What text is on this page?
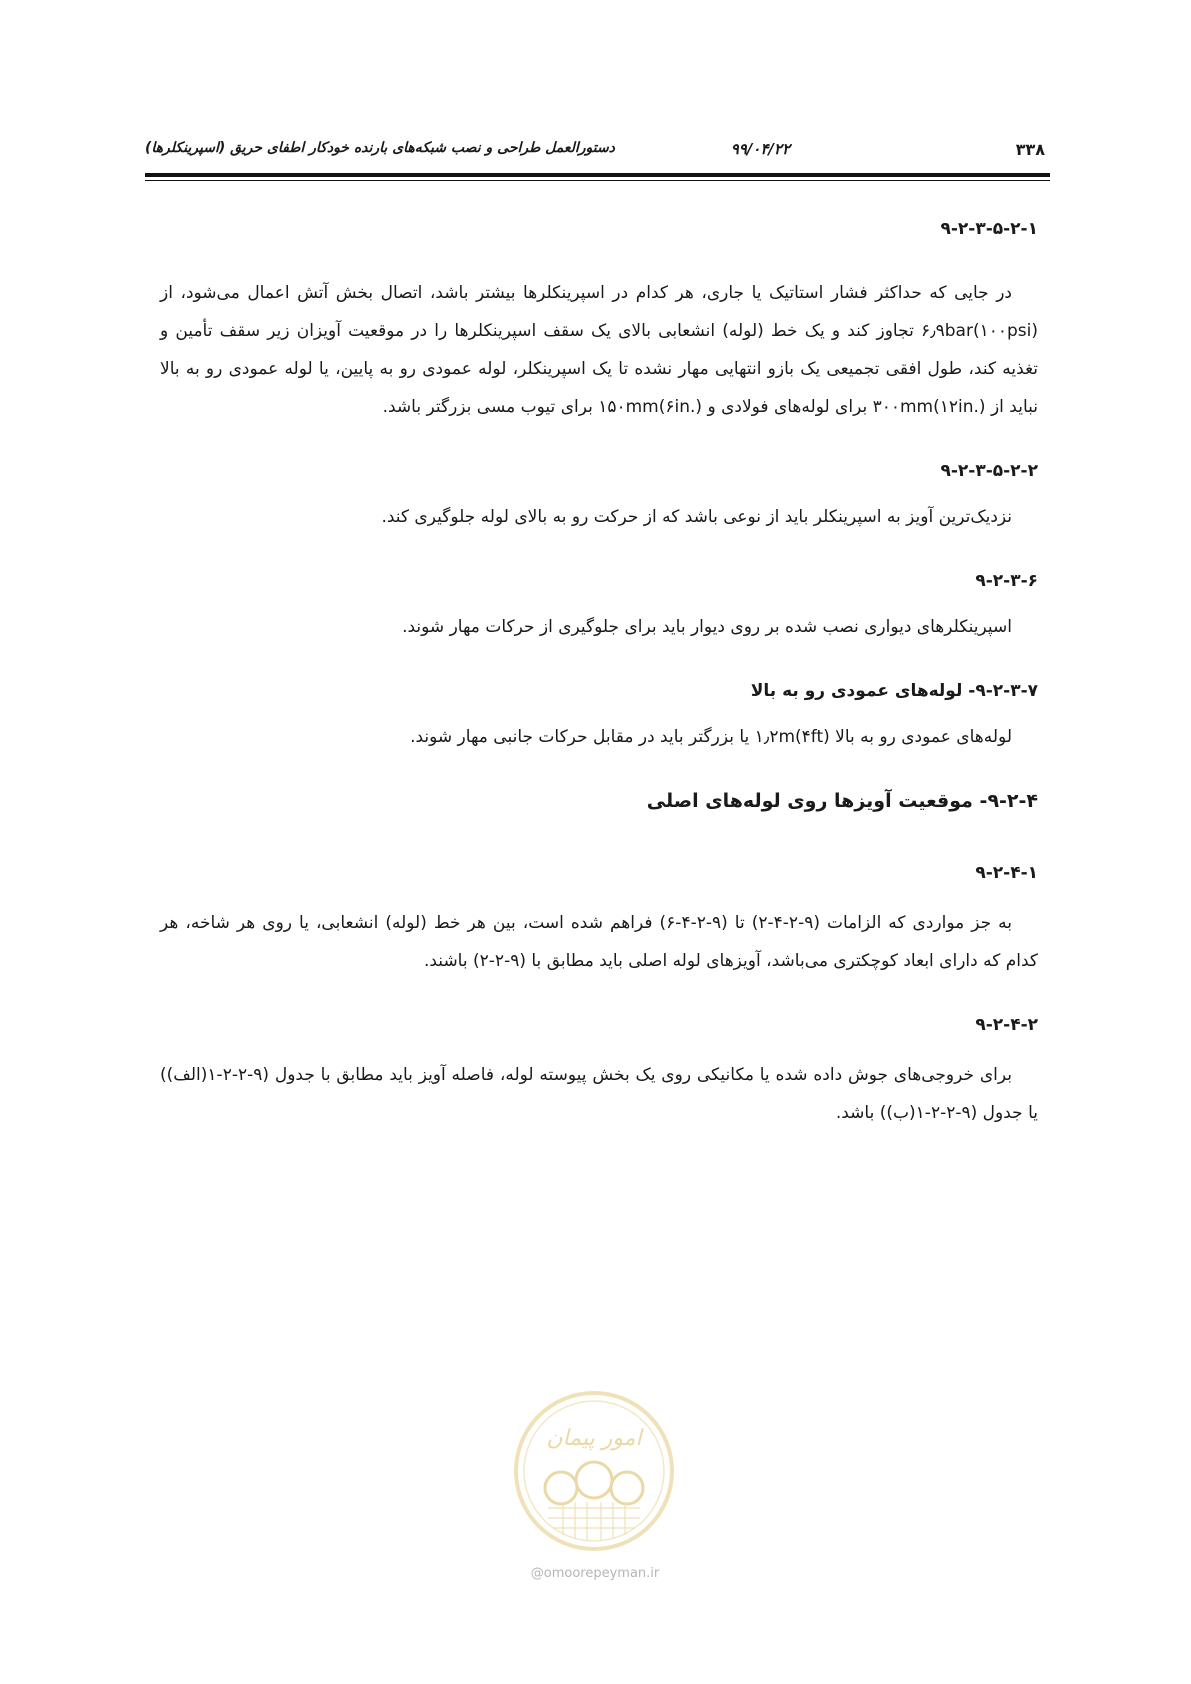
۳۳۸
۹۹/۰۴/۲۲
دستورالعمل طراحی و نصب شبکه‌های بارنده خودکار اطفای حریق (اسپرینکلرها)
۹-۲-۳-۵-۲-۱

در جایی که حداکثر فشار استاتیک یا جاری، هر کدام در اسپرینکلرها بیشتر باشد، اتصال بخش آتش اعمال می‌شود، از ۶٫۹bar(۱۰۰psi) تجاوز کند و یک خط (لوله) انشعابی بالای یک سقف اسپرینکلرها را در موقعیت آویزان زیر سقف تأمین و تغذیه کند، طول افقی تجمیعی یک بازو انتهایی مهار نشده تا یک اسپرینکلر، لوله عمودی رو به پایین، یا لوله عمودی رو به بالا نباید از ۳۰۰mm(۱۲in.) برای لوله‌های فولادی و ۱۵۰mm(۶in.) برای تیوب مسی بزرگتر باشد.

۹-۲-۳-۵-۲-۲

نزدیک‌ترین آویز به اسپرینکلر باید از نوعی باشد که از حرکت رو به بالای لوله جلوگیری کند.

۹-۲-۳-۶

اسپرینکلرهای دیواری نصب شده بر روی دیوار باید برای جلوگیری از حرکات مهار شوند.

۹-۲-۳-۷- لوله‌های عمودی رو به بالا

لوله‌های عمودی رو به بالا ۱٫۲m(۴ft) یا بزرگتر باید در مقابل حرکات جانبی مهار شوند.

۹-۲-۴- موقعیت آویزها روی لوله‌های اصلی
۹-۲-۴-۱

به جز مواردی که الزامات (۹-۲-۴-۲) تا (۹-۲-۴-۶) فراهم شده است، بین هر خط (لوله) انشعابی، یا روی هر شاخه، هر کدام که دارای ابعاد کوچکتری می‌باشد، آویزهای لوله اصلی باید مطابق با (۹-۲-۲) باشند.

۹-۲-۴-۲

برای خروجی‌های جوش داده شده یا مکانیکی روی یک بخش پیوسته لوله، فاصله آویز باید مطابق با جدول (۹-۲-۲-۱(الف)) یا جدول (۹-۲-۲-۱(ب)) باشد.

امور پیمان
@omoorepeyman.ir
